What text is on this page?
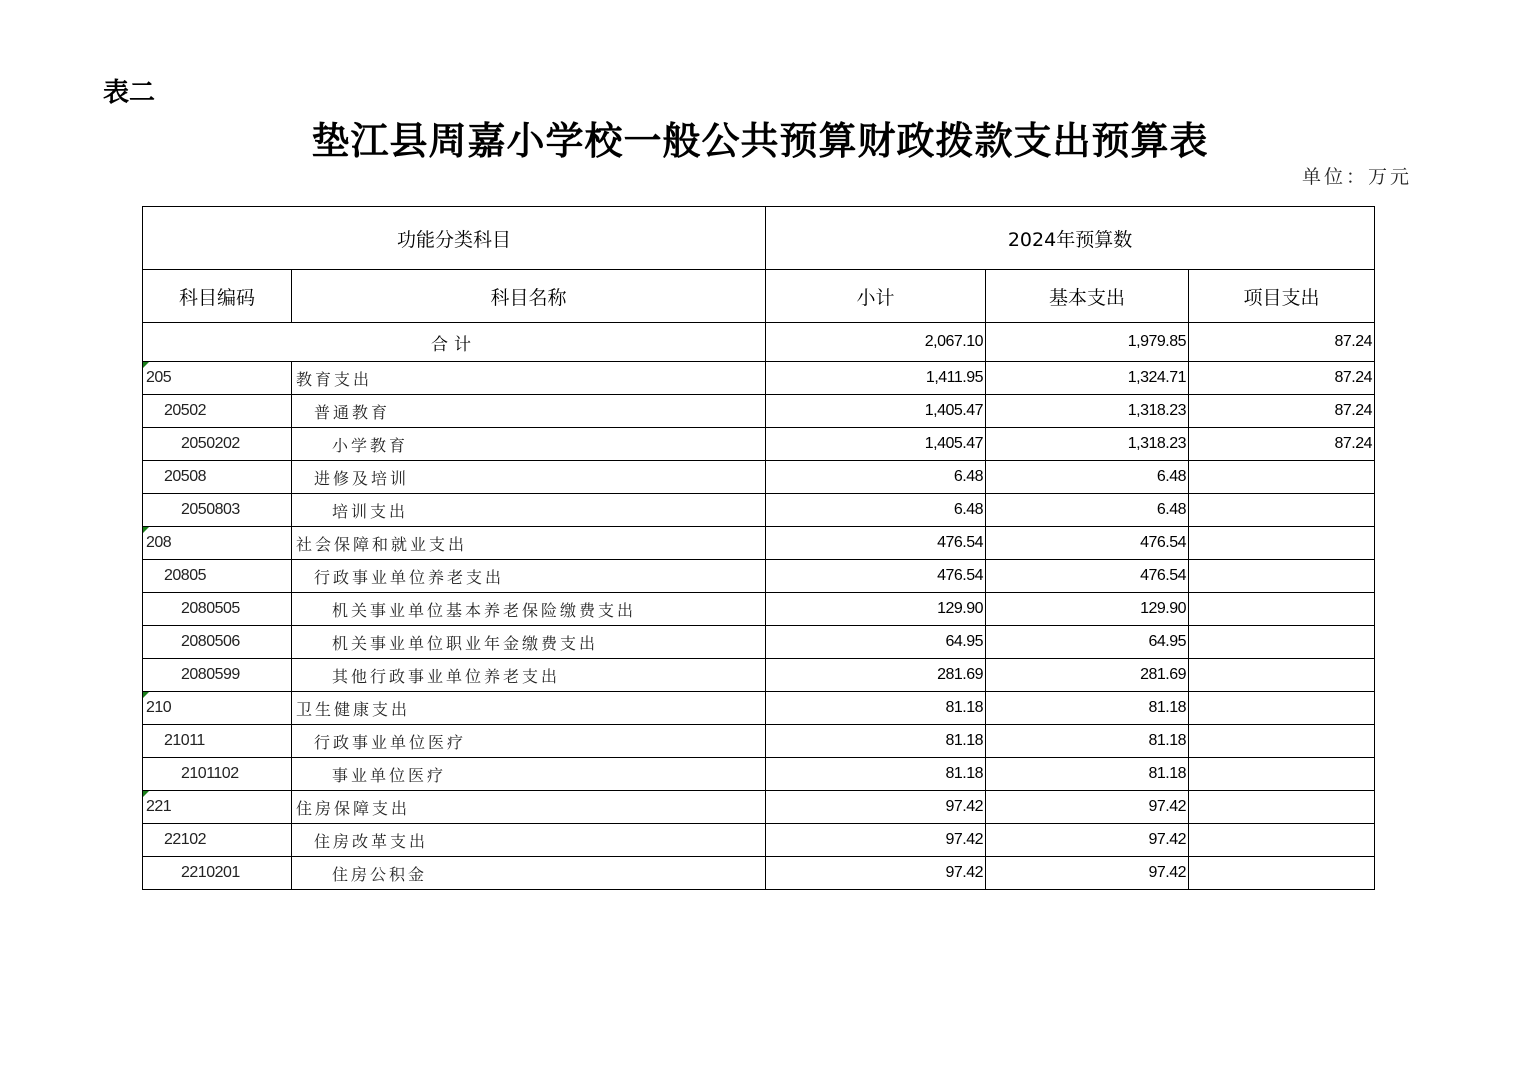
表二
垫江县周嘉小学校一般公共预算财政拨款支出预算表
单位：万元
功能分类科目		2024年预算数		
科目编码	科目名称	小计	基本支出	项目支出
合计		2,067.10	1,979.85	87.24
205	教育支出	1,411.95	1,324.71	87.24
20502	普通教育	1,405.47	1,318.23	87.24
2050202	小学教育	1,405.47	1,318.23	87.24
20508	进修及培训	6.48	6.48	
2050803	培训支出	6.48	6.48	
208	社会保障和就业支出	476.54	476.54	
20805	行政事业单位养老支出	476.54	476.54	
2080505	机关事业单位基本养老保险缴费支出	129.90	129.90	
2080506	机关事业单位职业年金缴费支出	64.95	64.95	
2080599	其他行政事业单位养老支出	281.69	281.69	
210	卫生健康支出	81.18	81.18	
21011	行政事业单位医疗	81.18	81.18	
2101102	事业单位医疗	81.18	81.18	
221	住房保障支出	97.42	97.42	
22102	住房改革支出	97.42	97.42	
2210201	住房公积金	97.42	97.42	
